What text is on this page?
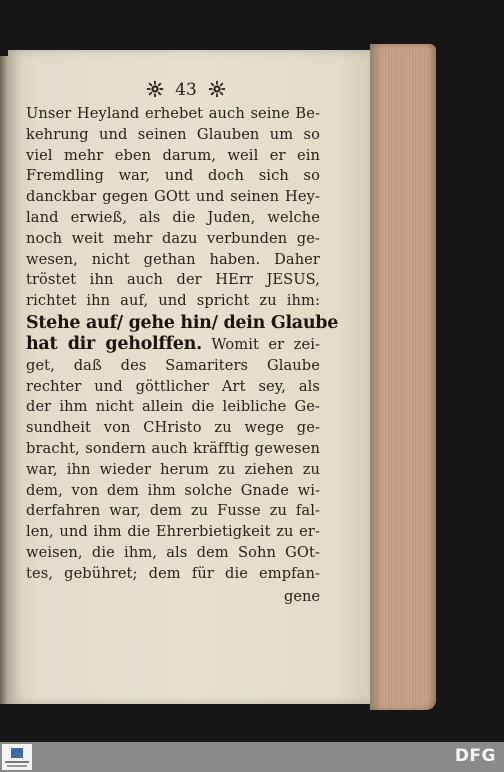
43
Unser Heyland erhebet auch seine Be-
kehrung und seinen Glauben um so
viel mehr eben darum, weil er ein
Fremdling war, und doch sich so
danckbar gegen GOtt und seinen Hey-
land erwieß, als die Juden, welche
noch weit mehr dazu verbunden ge-
wesen, nicht gethan haben. Daher
tröstet ihn auch der HErr JESUS,
richtet ihn auf, und spricht zu ihm:
Stehe auf/ gehe hin/ dein Glaube
hat dir geholffen. Womit er zei-
get, daß des Samariters Glaube
rechter und göttlicher Art sey, als
der ihm nicht allein die leibliche Ge-
sundheit von CHristo zu wege ge-
bracht, sondern auch kräfftig gewesen
war, ihn wieder herum zu ziehen zu
dem, von dem ihm solche Gnade wi-
derfahren war, dem zu Fusse zu fal-
len, und ihm die Ehrerbietigkeit zu er-
weisen, die ihm, als dem Sohn GOt-
tes, gebühret; dem für die empfan-
gene
DFG
